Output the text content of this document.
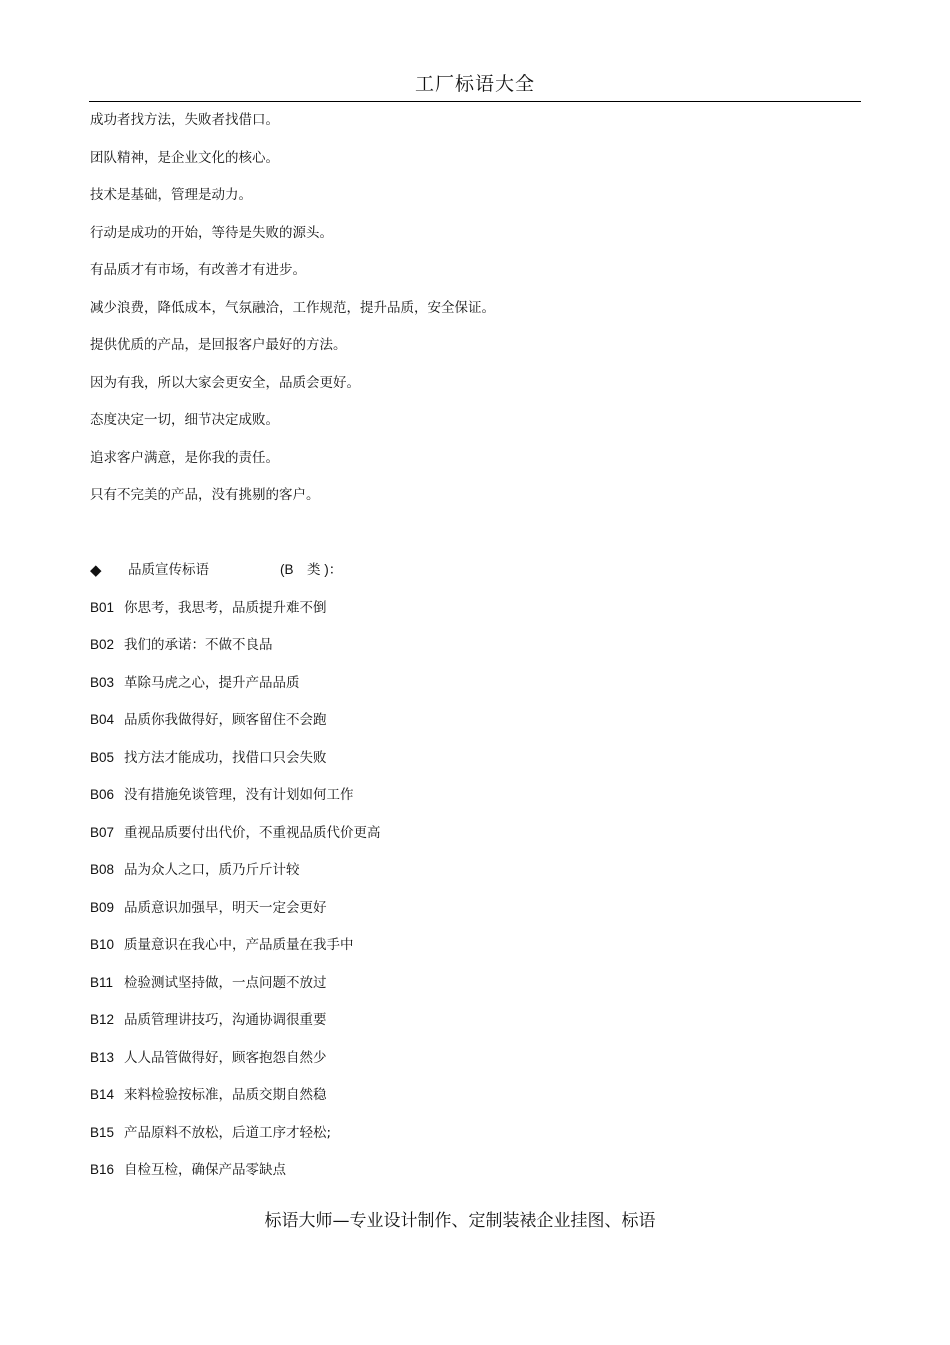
工厂标语大全
成功者找方法，失败者找借口。
团队精神，是企业文化的核心。
技术是基础，管理是动力。
行动是成功的开始，等待是失败的源头。
有品质才有市场，有改善才有进步。
减少浪费，降低成本，气氛融洽，工作规范，提升品质，安全保证。
提供优质的产品，是回报客户最好的方法。
因为有我，所以大家会更安全，品质会更好。
态度决定一切，细节决定成败。
追求客户满意，是你我的责任。
只有不完美的产品，没有挑剔的客户。
◆ 品质宣传标语	(B　类 )：
B01 你思考，我思考，品质提升难不倒
B02 我们的承诺：不做不良品
B03 革除马虎之心，提升产品品质
B04 品质你我做得好，顾客留住不会跑
B05 找方法才能成功，找借口只会失败
B06 没有措施免谈管理，没有计划如何工作
B07 重视品质要付出代价，不重视品质代价更高
B08 品为众人之口，质乃斤斤计较
B09 品质意识加强早，明天一定会更好
B10 质量意识在我心中，产品质量在我手中
B11 检验测试坚持做，一点问题不放过
B12 品质管理讲技巧，沟通协调很重要
B13 人人品管做得好，顾客抱怨自然少
B14 来料检验按标准，品质交期自然稳
B15 产品原料不放松，后道工序才轻松;
B16 自检互检，确保产品零缺点
标语大师—专业设计制作、定制装裱企业挂图、标语
